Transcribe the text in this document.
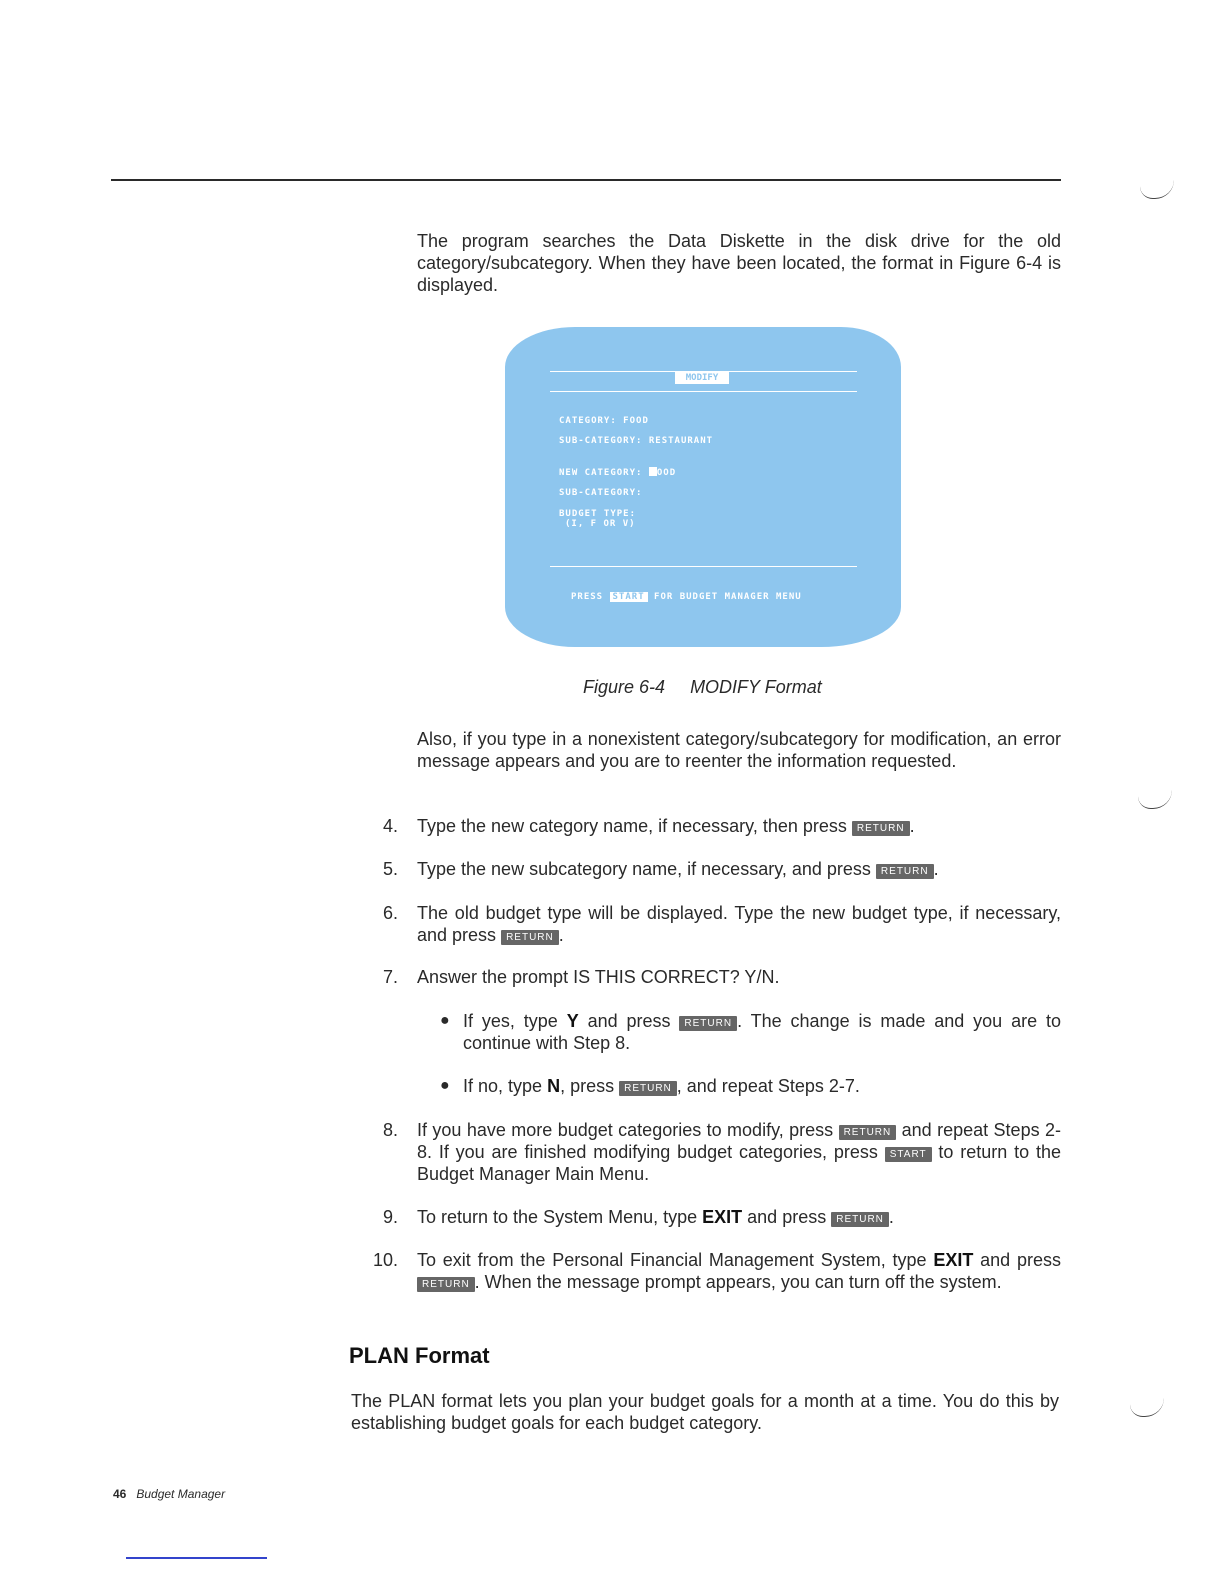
The program searches the Data Diskette in the disk drive for the old category/subcategory. When they have been located, the format in Figure 6-4 is displayed.

MODIFY
CATEGORY: FOOD
SUB-CATEGORY: RESTAURANT
NEW CATEGORY: OOD
SUB-CATEGORY:
BUDGET TYPE:
(I, F OR V)
PRESS START FOR BUDGET MANAGER MENU
Figure 6-4 MODIFY Format

Also, if you type in a nonexistent category/subcategory for modification, an error message appears and you are to reenter the information requested.

4. Type the new category name, if necessary, then press RETURN .

5. Type the new subcategory name, if necessary, and press RETURN .

6. The old budget type will be displayed. Type the new budget type, if necessary, and press RETURN .

7. Answer the prompt IS THIS CORRECT? Y/N.

● If yes, type Y and press RETURN . The change is made and you are to continue with Step 8.

● If no, type N, press RETURN , and repeat Steps 2-7.

8. If you have more budget categories to modify, press RETURN and repeat Steps 2-8. If you are finished modifying budget categories, press START to return to the Budget Manager Main Menu.

9. To return to the System Menu, type EXIT and press RETURN .

10. To exit from the Personal Financial Management System, type EXIT and press RETURN . When the message prompt appears, you can turn off the system.

PLAN Format

The PLAN format lets you plan your budget goals for a month at a time. You do this by establishing budget goals for each budget category.

46 Budget Manager
